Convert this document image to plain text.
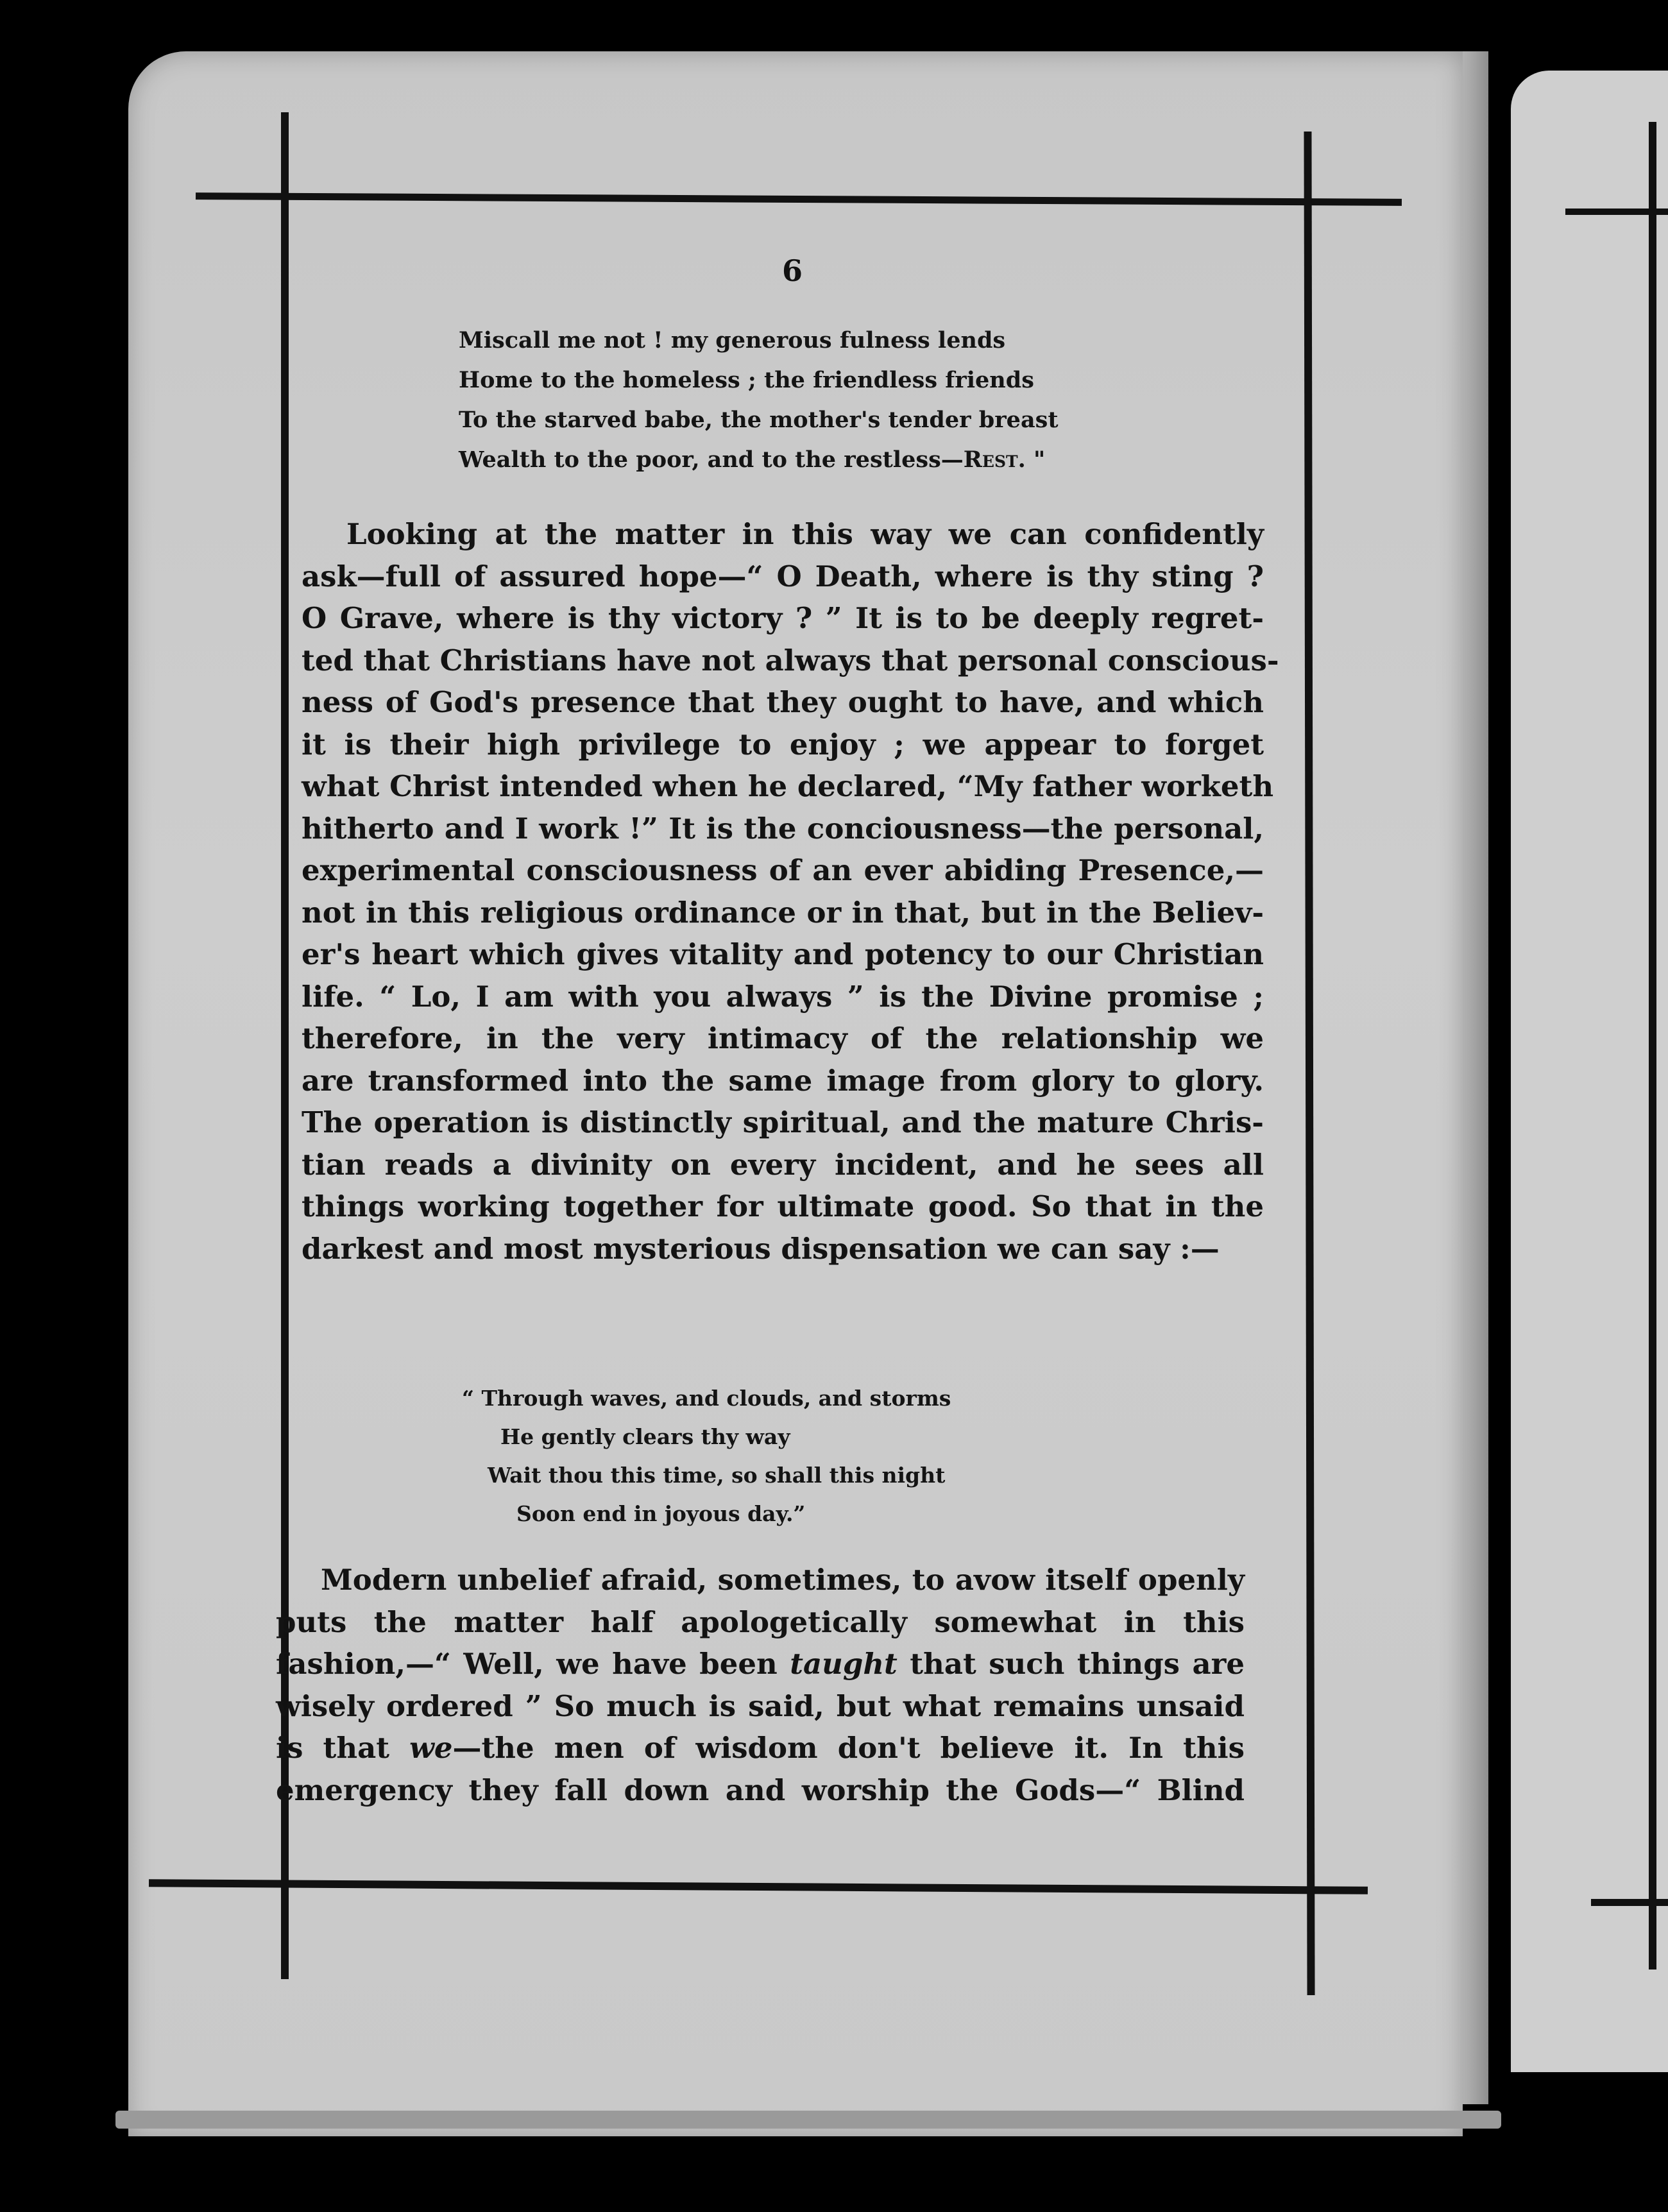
6
Miscall me not ! my generous fulness lends
Home to the homeless ; the friendless friends
To the starved babe, the mother's tender breast
Wealth to the poor, and to the restless—Rest. "
Looking at the matter in this way we can confidently
ask—full of assured hope—“ O Death, where is thy sting ?
O Grave, where is thy victory ? ” It is to be deeply regret-
ted that Christians have not always that personal conscious-
ness of God's presence that they ought to have, and which
it is their high privilege to enjoy ; we appear to forget
what Christ intended when he declared, “My father worketh
hitherto and I work !” It is the conciousness—the personal,
experimental consciousness of an ever abiding Presence,—
not in this religious ordinance or in that, but in the Believ-
er's heart which gives vitality and potency to our Christian
life. “ Lo, I am with you always ” is the Divine promise ;
therefore, in the very intimacy of the relationship we
are transformed into the same image from glory to glory.
The operation is distinctly spiritual, and the mature Chris-
tian reads a divinity on every incident, and he sees all
things working together for ultimate good. So that in the
darkest and most mysterious dispensation we can say :—
“ Through waves, and clouds, and storms
He gently clears thy way
Wait thou this time, so shall this night
Soon end in joyous day.”
Modern unbelief afraid, sometimes, to avow itself openly
puts the matter half apologetically somewhat in this
fashion,—“ Well, we have been taught that such things are
wisely ordered ” So much is said, but what remains unsaid
is that we—the men of wisdom don't believe it. In this
emergency they fall down and worship the Gods—“ Blind
